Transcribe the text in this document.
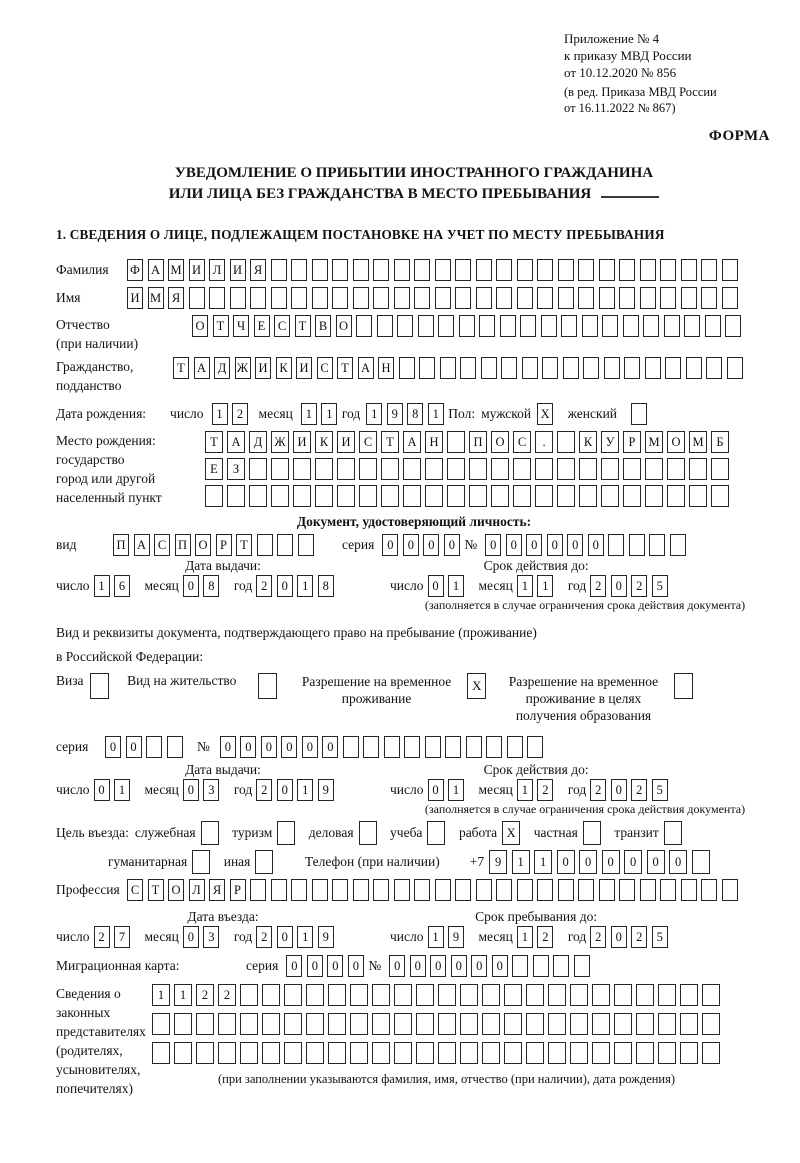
Приложение № 4
к приказу МВД России
от 10.12.2020 № 856
(в ред. Приказа МВД России
от 16.11.2022 № 867)
ФОРМА
УВЕДОМЛЕНИЕ О ПРИБЫТИИ ИНОСТРАННОГО ГРАЖДАНИНА
ИЛИ ЛИЦА БЕЗ ГРАЖДАНСТВА В МЕСТО ПРЕБЫВАНИЯ
1. СВЕДЕНИЯ О ЛИЦЕ, ПОДЛЕЖАЩЕМ ПОСТАНОВКЕ НА УЧЕТ ПО МЕСТУ ПРЕБЫВАНИЯ
Фамилия	Ф А М И Л И Я
Имя	И М Я
Отчество
(при наличии)
О Т	Ч	Е	С	Т	В О
Гражданство,
подданство
Т А Д Ж И К И С	Т А Н
Дата рождения: число	1	2	месяц	1	1 год 1	9	8	1 Пол: мужской X женский
Место рождения:
государство
город или другой
населенный пункт
Т	А	Д Ж И	К	И	С	Т	А	Н	П	О	С	.	К	У	Р	М О М	Б
Е	З
Документ, удостоверяющий личность:
вид	П А С П О	Р	Т	серия	0	0	0	0 №	0	0	0	0	0	0
Дата выдачи:
число 1	6	месяц 0	8	год 2	0	1	8
Срок действия до:
число 0	1	месяц 1	1	год 2	0	2	5
(заполняется в случае ограничения срока действия документа)
Вид и реквизиты документа, подтверждающего право на пребывание (проживание)
в Российской Федерации:
Виза	Вид на жительство	Разрешение на временное
проживание
X	Разрешение на временное
проживание в целях
получения образования
серия	0	0	№	0	0	0	0	0	0
Дата выдачи:
число 0	1	месяц 0	3	год 2	0	1	9
Срок действия до:
число 0	1	месяц 1	2	год 2	0	2	5
(заполняется в случае ограничения срока действия документа)
Цель въезда: служебная	туризм	деловая	учеба	работа X	частная	транзит
гуманитарная	иная	Телефон (при наличии) +7 9	1	1	0	0	0	0	0	0
Профессия С	Т О Л Я	Р
Дата въезда:
число 2	7	месяц 0	3	год 2	0	1	9
Срок пребывания до:
число 1	9	месяц 1	2	год 2	0	2	5
Миграционная карта:	серия	0	0	0	0 №	0	0	0	0	0	0
Сведения о
законных
представителях
(родителях,
усыновителях,
попечителях)
1	1	2	2
(при заполнении указываются фамилия, имя, отчество (при наличии), дата рождения)
